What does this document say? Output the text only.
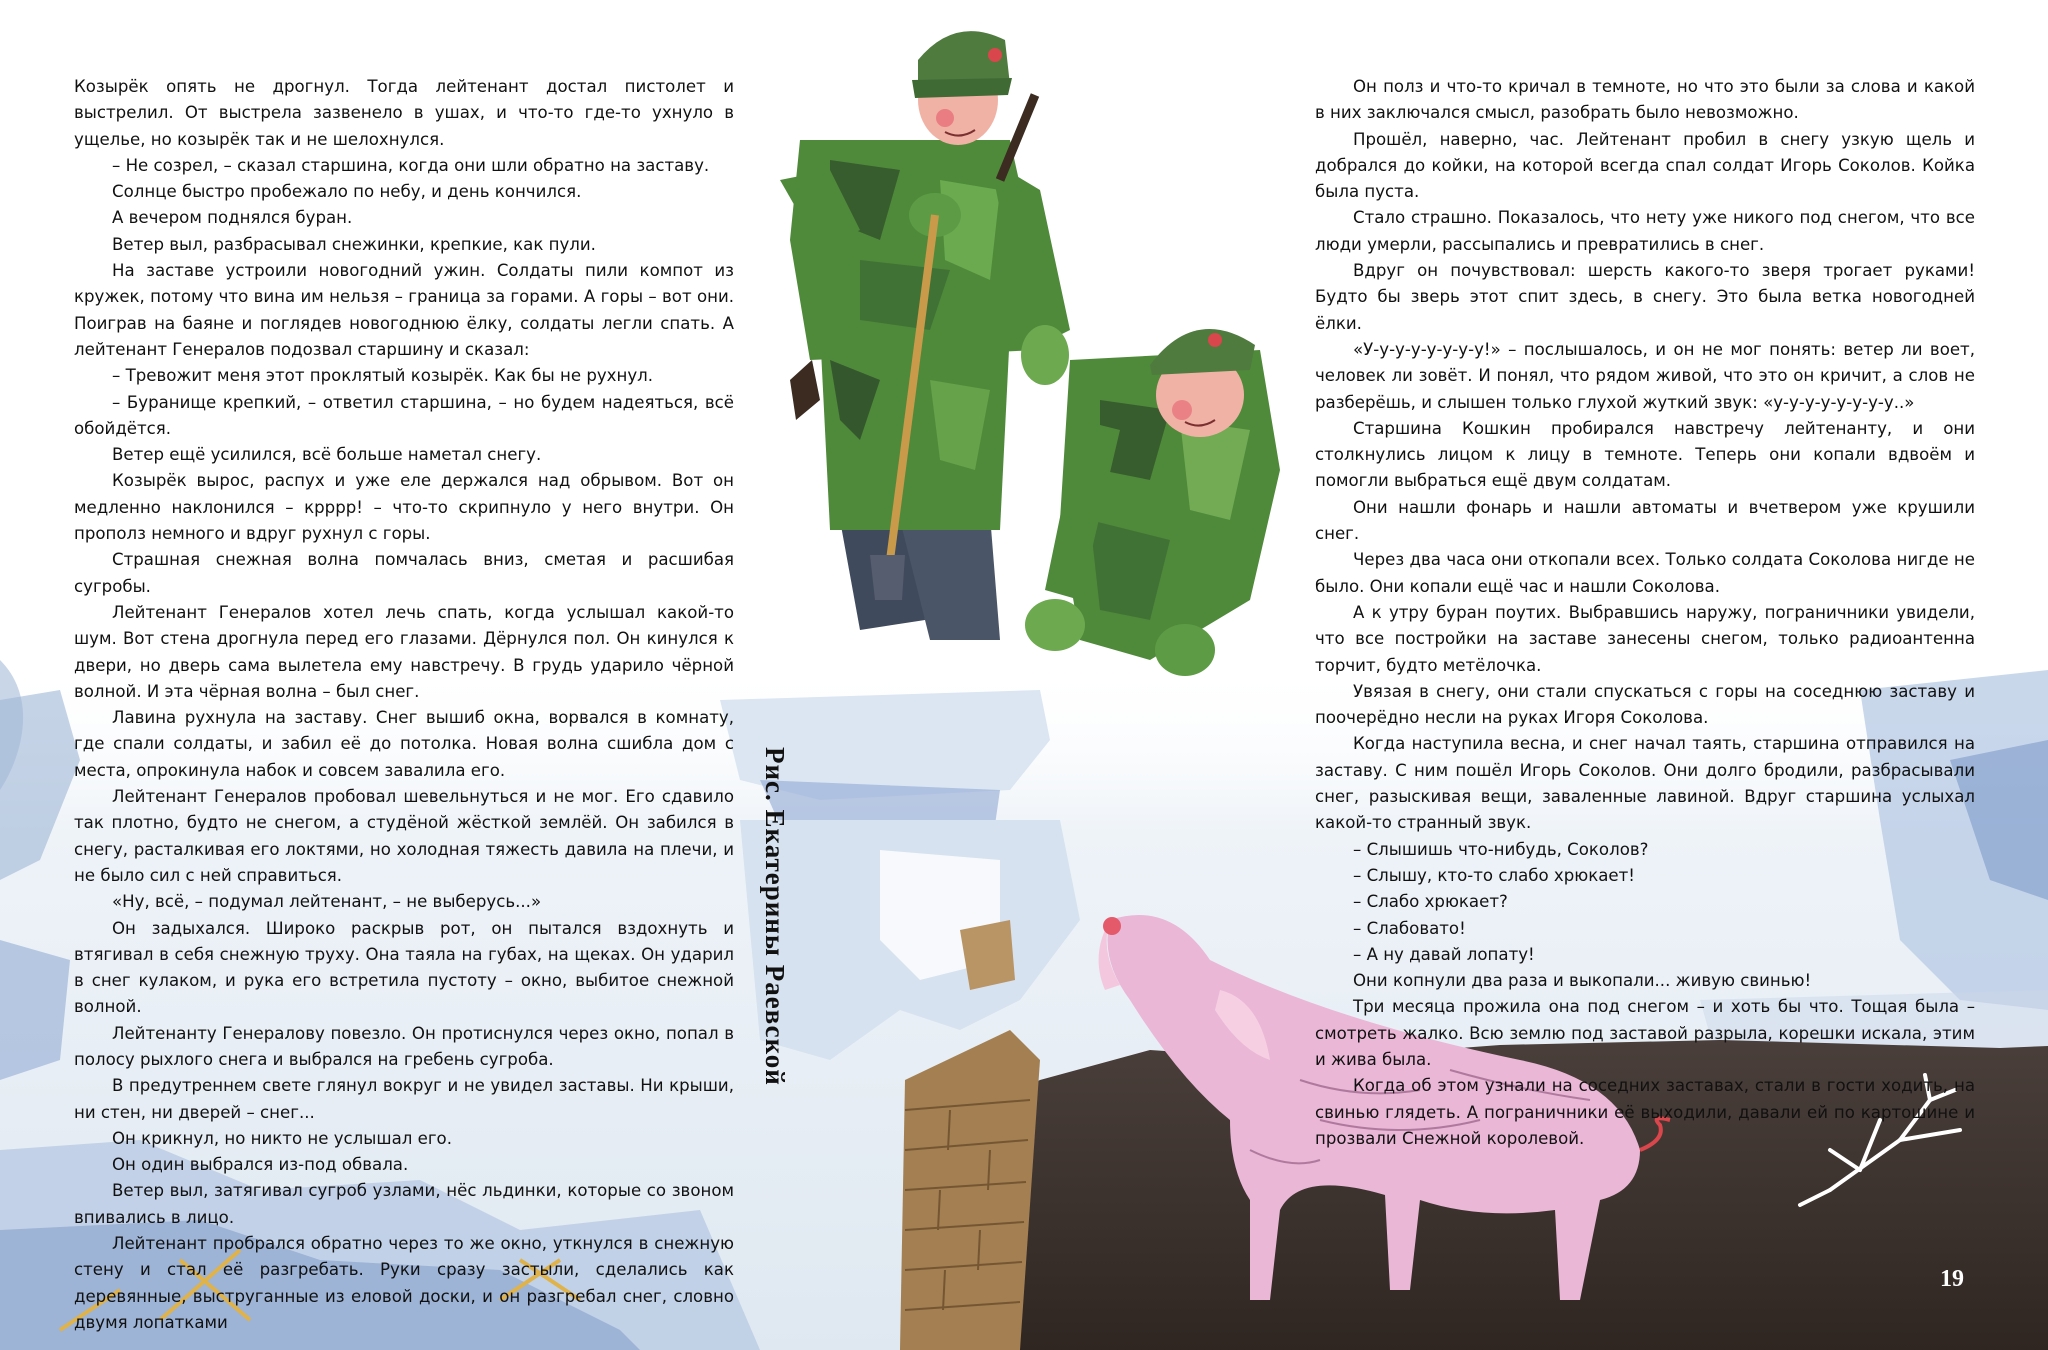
Козырёк опять не дрогнул. Тогда лейтенант достал пистолет и выстрелил. От выстрела зазвенело в ушах, и что-то где-то ухнуло в ущелье, но козырёк так и не шелохнулся.

– Не созрел, – сказал старшина, когда они шли обратно на заставу.

Солнце быстро пробежало по небу, и день кончился.

А вечером поднялся буран.

Ветер выл, разбрасывал снежинки, крепкие, как пули.

На заставе устроили новогодний ужин. Солдаты пили компот из кружек, потому что вина им нельзя – граница за горами. А горы – вот они. Поиграв на баяне и поглядев новогоднюю ёлку, солдаты легли спать. А лейтенант Генералов подозвал старшину и сказал:

– Тревожит меня этот проклятый козырёк. Как бы не рухнул.

– Буранище крепкий, – ответил старшина, – но будем надеяться, всё обойдётся.

Ветер ещё усилился, всё больше наметал снегу.

Козырёк вырос, распух и уже еле держался над обрывом. Вот он медленно наклонился – крррр! – что-то скрипнуло у него внутри. Он прополз немного и вдруг рухнул с горы.

Страшная снежная волна помчалась вниз, сметая и расшибая сугробы.

Лейтенант Генералов хотел лечь спать, когда услышал какой-то шум. Вот стена дрогнула перед его глазами. Дёрнулся пол. Он кинулся к двери, но дверь сама вылетела ему навстречу. В грудь ударило чёрной волной. И эта чёрная волна – был снег.

Лавина рухнула на заставу. Снег вышиб окна, ворвался в комнату, где спали солдаты, и забил её до потолка. Новая волна сшибла дом с места, опрокинула набок и совсем завалила его.

Лейтенант Генералов пробовал шевельнуться и не мог. Его сдавило так плотно, будто не снегом, а студёной жёсткой землёй. Он забился в снегу, расталкивая его локтями, но холодная тяжесть давила на плечи, и не было сил с ней справиться.

«Ну, всё, – подумал лейтенант, – не выберусь...»

Он задыхался. Широко раскрыв рот, он пытался вздохнуть и втягивал в себя снежную труху. Она таяла на губах, на щеках. Он ударил в снег кулаком, и рука его встретила пустоту – окно, выбитое снежной волной.

Лейтенанту Генералову повезло. Он протиснулся через окно, попал в полосу рыхлого снега и выбрался на гребень сугроба.

В предутреннем свете глянул вокруг и не увидел заставы. Ни крыши, ни стен, ни дверей – снег...

Он крикнул, но никто не услышал его.

Он один выбрался из-под обвала.

Ветер выл, затягивал сугроб узлами, нёс льдинки, которые со звоном впивались в лицо.

Лейтенант пробрался обратно через то же окно, уткнулся в снежную стену и стал её разгребать. Руки сразу застыли, сделались как деревянные, выструганные из еловой доски, и он разгребал снег, словно двумя лопатками

Он полз и что-то кричал в темноте, но что это были за слова и какой в них заключался смысл, разобрать было невозможно.

Прошёл, наверно, час. Лейтенант пробил в снегу узкую щель и добрался до койки, на которой всегда спал солдат Игорь Соколов. Койка была пуста.

Стало страшно. Показалось, что нету уже никого под снегом, что все люди умерли, рассыпались и превратились в снег.

Вдруг он почувствовал: шерсть какого-то зверя трогает руками! Будто бы зверь этот спит здесь, в снегу. Это была ветка новогодней ёлки.

«У-у-у-у-у-у-у-у!» – послышалось, и он не мог понять: ветер ли воет, человек ли зовёт. И понял, что рядом живой, что это он кричит, а слов не разберёшь, и слышен только глухой жуткий звук: «у-у-у-у-у-у-у-у..»

Старшина Кошкин пробирался навстречу лейтенанту, и они столкнулись лицом к лицу в темноте. Теперь они копали вдвоём и помогли выбраться ещё двум солдатам.

Они нашли фонарь и нашли автоматы и вчетвером уже крушили снег.

Через два часа они откопали всех. Только солдата Соколова нигде не было. Они копали ещё час и нашли Соколова.

А к утру буран поутих. Выбравшись наружу, пограничники увидели, что все постройки на заставе занесены снегом, только радиоантенна торчит, будто метёлочка.

Увязая в снегу, они стали спускаться с горы на соседнюю заставу и поочерёдно несли на руках Игоря Соколова.

Когда наступила весна, и снег начал таять, старшина отправился на заставу. С ним пошёл Игорь Соколов. Они долго бродили, разбрасывали снег, разыскивая вещи, заваленные лавиной. Вдруг старшина услыхал какой-то странный звук.

– Слышишь что-нибудь, Соколов?

– Слышу, кто-то слабо хрюкает!

– Слабо хрюкает?

– Слабовато!

– А ну давай лопату!

Они копнули два раза и выкопали... живую свинью!

Три месяца прожила она под снегом – и хоть бы что. Тощая была – смотреть жалко. Всю землю под заставой разрыла, корешки искала, этим и жива была.

Когда об этом узнали на соседних заставах, стали в гости ходить, на свинью глядеть. А пограничники её выходили, давали ей по картошине и прозвали Снежной королевой.

Рис. Екатерины Раевской
19
